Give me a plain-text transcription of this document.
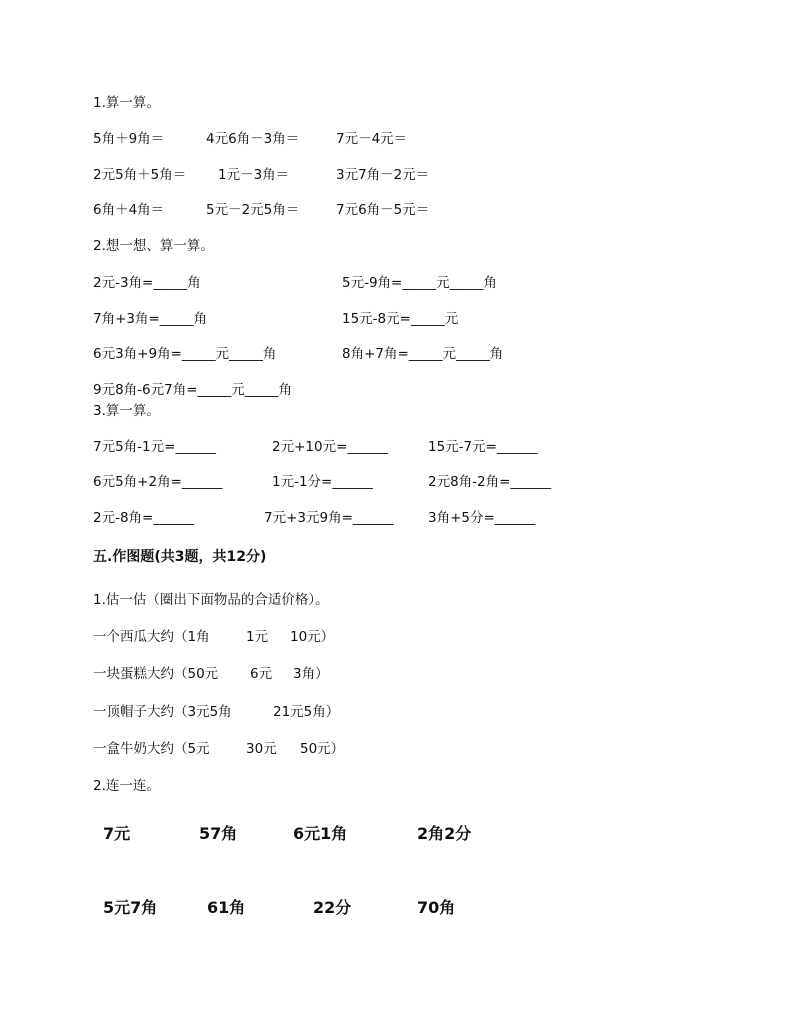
1.算一算。
5角＋9角＝	4元6角－3角＝	7元－4元＝
2元5角＋5角＝ 1元－3角＝	3元7角－2元＝
6角＋4角＝	5元－2元5角＝	7元6角－5元＝
2.想一想、算一算。
2元-3角=_____角	5元-9角=_____元_____角
7角+3角=_____角	15元-8元=_____元
6元3角+9角=_____元_____角	8角+7角=_____元_____角
9元8角-6元7角=_____元_____角
3.算一算。
7元5角-1元=______	2元+10元=______	15元-7元=______
6元5角+2角=______	1元-1分=______	2元8角-2角=______
2元-8角=______	7元+3元9角=______	3角+5分=______
五.作图题(共3题，共12分)
1.估一估（圈出下面物品的合适价格）。
一个西瓜大约（1角	1元 10元）
一块蛋糕大约（50元 6元 3角）
一顶帽子大约（3元5角	21元5角）
一盒牛奶大约（5元	30元 50元）
2.连一连。
7元	57角	6元1角	2角2分
5元7角	61角	22分	70角
